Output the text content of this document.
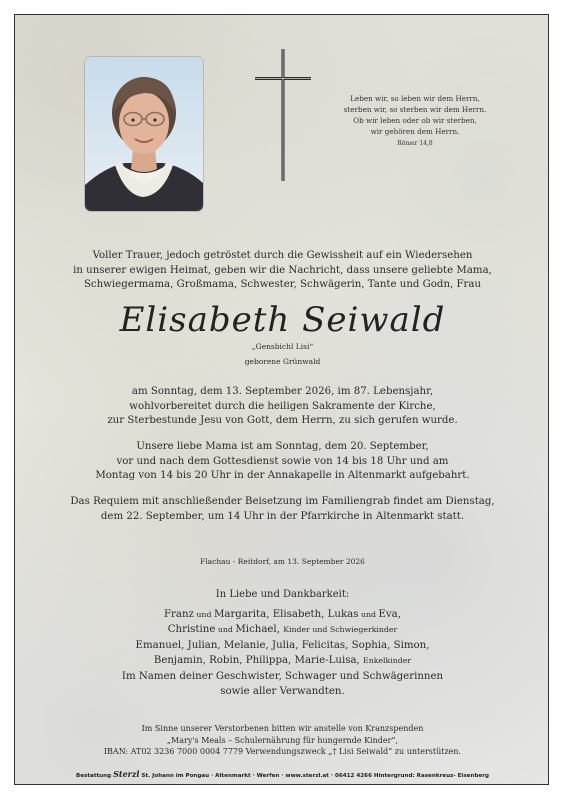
Leben wir, so leben wir dem Herrn,
sterben wir, so sterben wir dem Herrn.
Ob wir leben oder ob wir sterben,
wir gehören dem Herrn.
Römer 14,8
Voller Trauer, jedoch getröstet durch die Gewissheit auf ein Wiedersehen
in unserer ewigen Heimat, geben wir die Nachricht, dass unsere geliebte Mama,
Schwiegermama, Großmama, Schwester, Schwägerin, Tante und Godn, Frau
Elisabeth Seiwald
„Gensbichl Lisi“
geborene Grünwald
am Sonntag, dem 13. September 2026, im 87. Lebensjahr,
wohlvorbereitet durch die heiligen Sakramente der Kirche,
zur Sterbestunde Jesu von Gott, dem Herrn, zu sich gerufen wurde.
Unsere liebe Mama ist am Sonntag, dem 20. September,
vor und nach dem Gottesdienst sowie von 14 bis 18 Uhr und am
Montag von 14 bis 20 Uhr in der Annakapelle in Altenmarkt aufgebahrt.
Das Requiem mit anschließender Beisetzung im Familiengrab findet am Dienstag,
dem 22. September, um 14 Uhr in der Pfarrkirche in Altenmarkt statt.
Flachau - Reitdorf, am 13. September 2026
In Liebe und Dankbarkeit:
Franz und Margarita, Elisabeth, Lukas und Eva,
Christine und Michael, Kinder und Schwiegerkinder
Emanuel, Julian, Melanie, Julia, Felicitas, Sophia, Simon,
Benjamin, Robin, Philippa, Marie-Luisa, Enkelkinder
Im Namen deiner Geschwister, Schwager und Schwägerinnen
sowie aller Verwandten.
Im Sinne unserer Verstorbenen bitten wir anstelle von Kranzspenden
„Mary's Meals – Schulernährung für hungernde Kinder“,
IBAN: AT02 3236 7000 0004 7779 Verwendungszweck „† Lisi Seiwald“ zu unterstützen.
Bestattung Sterzl St. Johann im Pongau · Altenmarkt · Werfen · www.sterzl.at · 06412 4266 Hintergrund: Rasenkreuz- Eisenberg
